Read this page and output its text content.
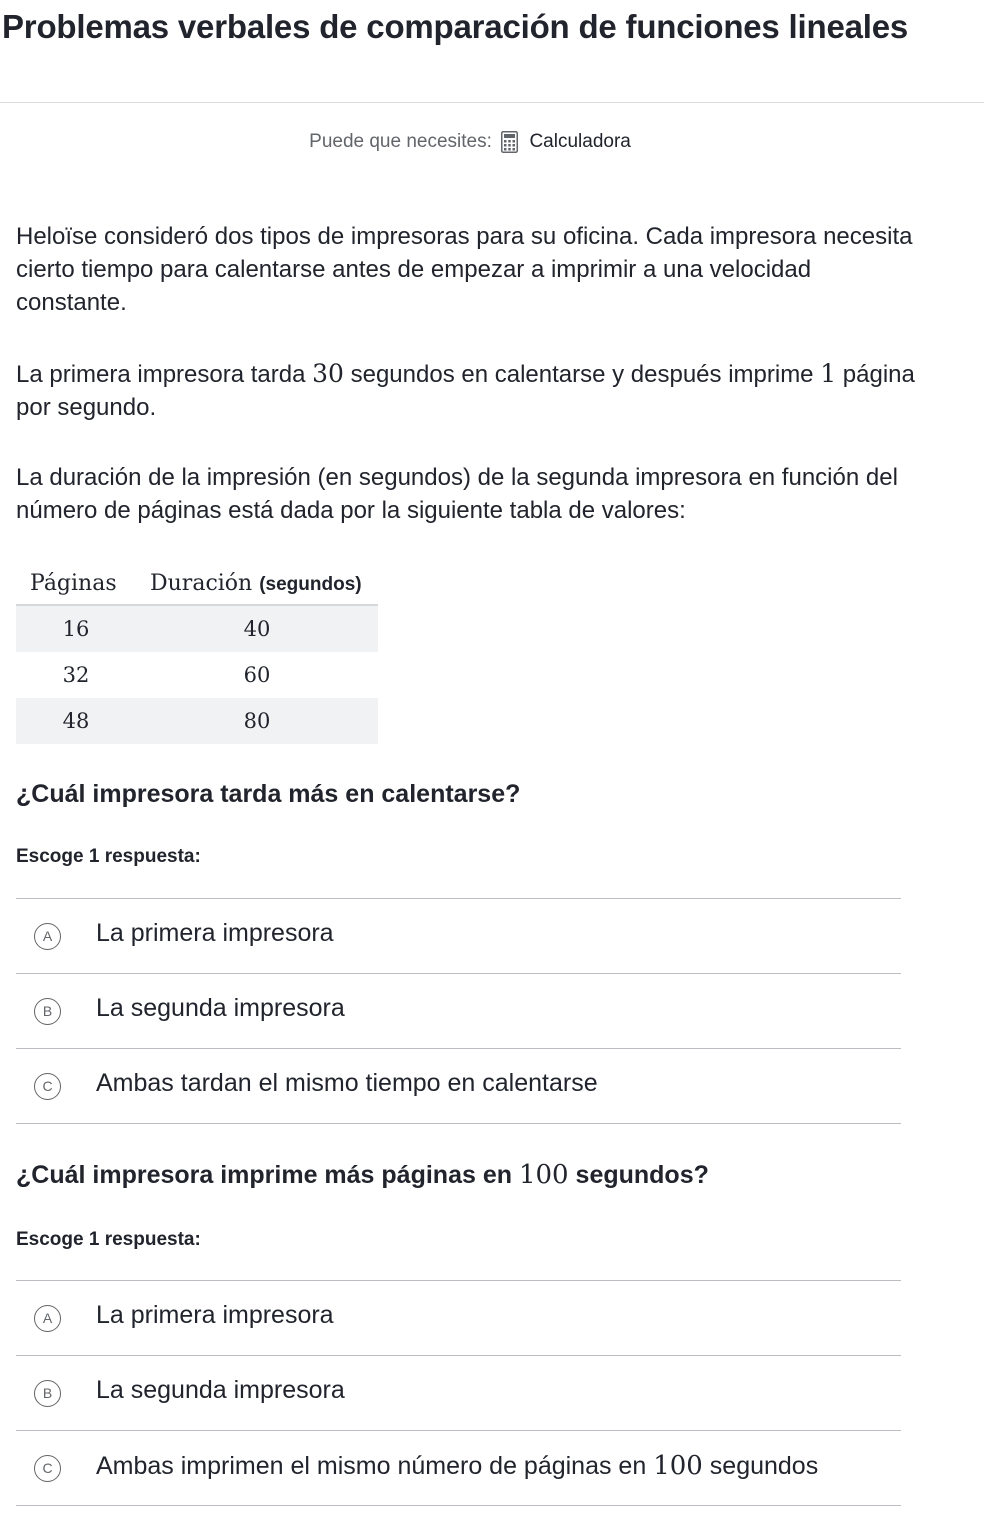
Problemas verbales de comparación de funciones lineales
Puede que necesites: Calculadora
Heloïse consideró dos tipos de impresoras para su oficina. Cada impresora necesita cierto tiempo para calentarse antes de empezar a imprimir a una velocidad constante.
La primera impresora tarda 30 segundos en calentarse y después imprime 1 página por segundo.
La duración de la impresión (en segundos) de la segunda impresora en función del número de páginas está dada por la siguiente tabla de valores:
Páginas	Duración (segundos)
16	40
32	60
48	80
¿Cuál impresora tarda más en calentarse?
Escoge 1 respuesta:
A	La primera impresora
B	La segunda impresora
C	Ambas tardan el mismo tiempo en calentarse
¿Cuál impresora imprime más páginas en 100 segundos?
Escoge 1 respuesta:
A	La primera impresora
B	La segunda impresora
C	Ambas imprimen el mismo número de páginas en 100 segundos
